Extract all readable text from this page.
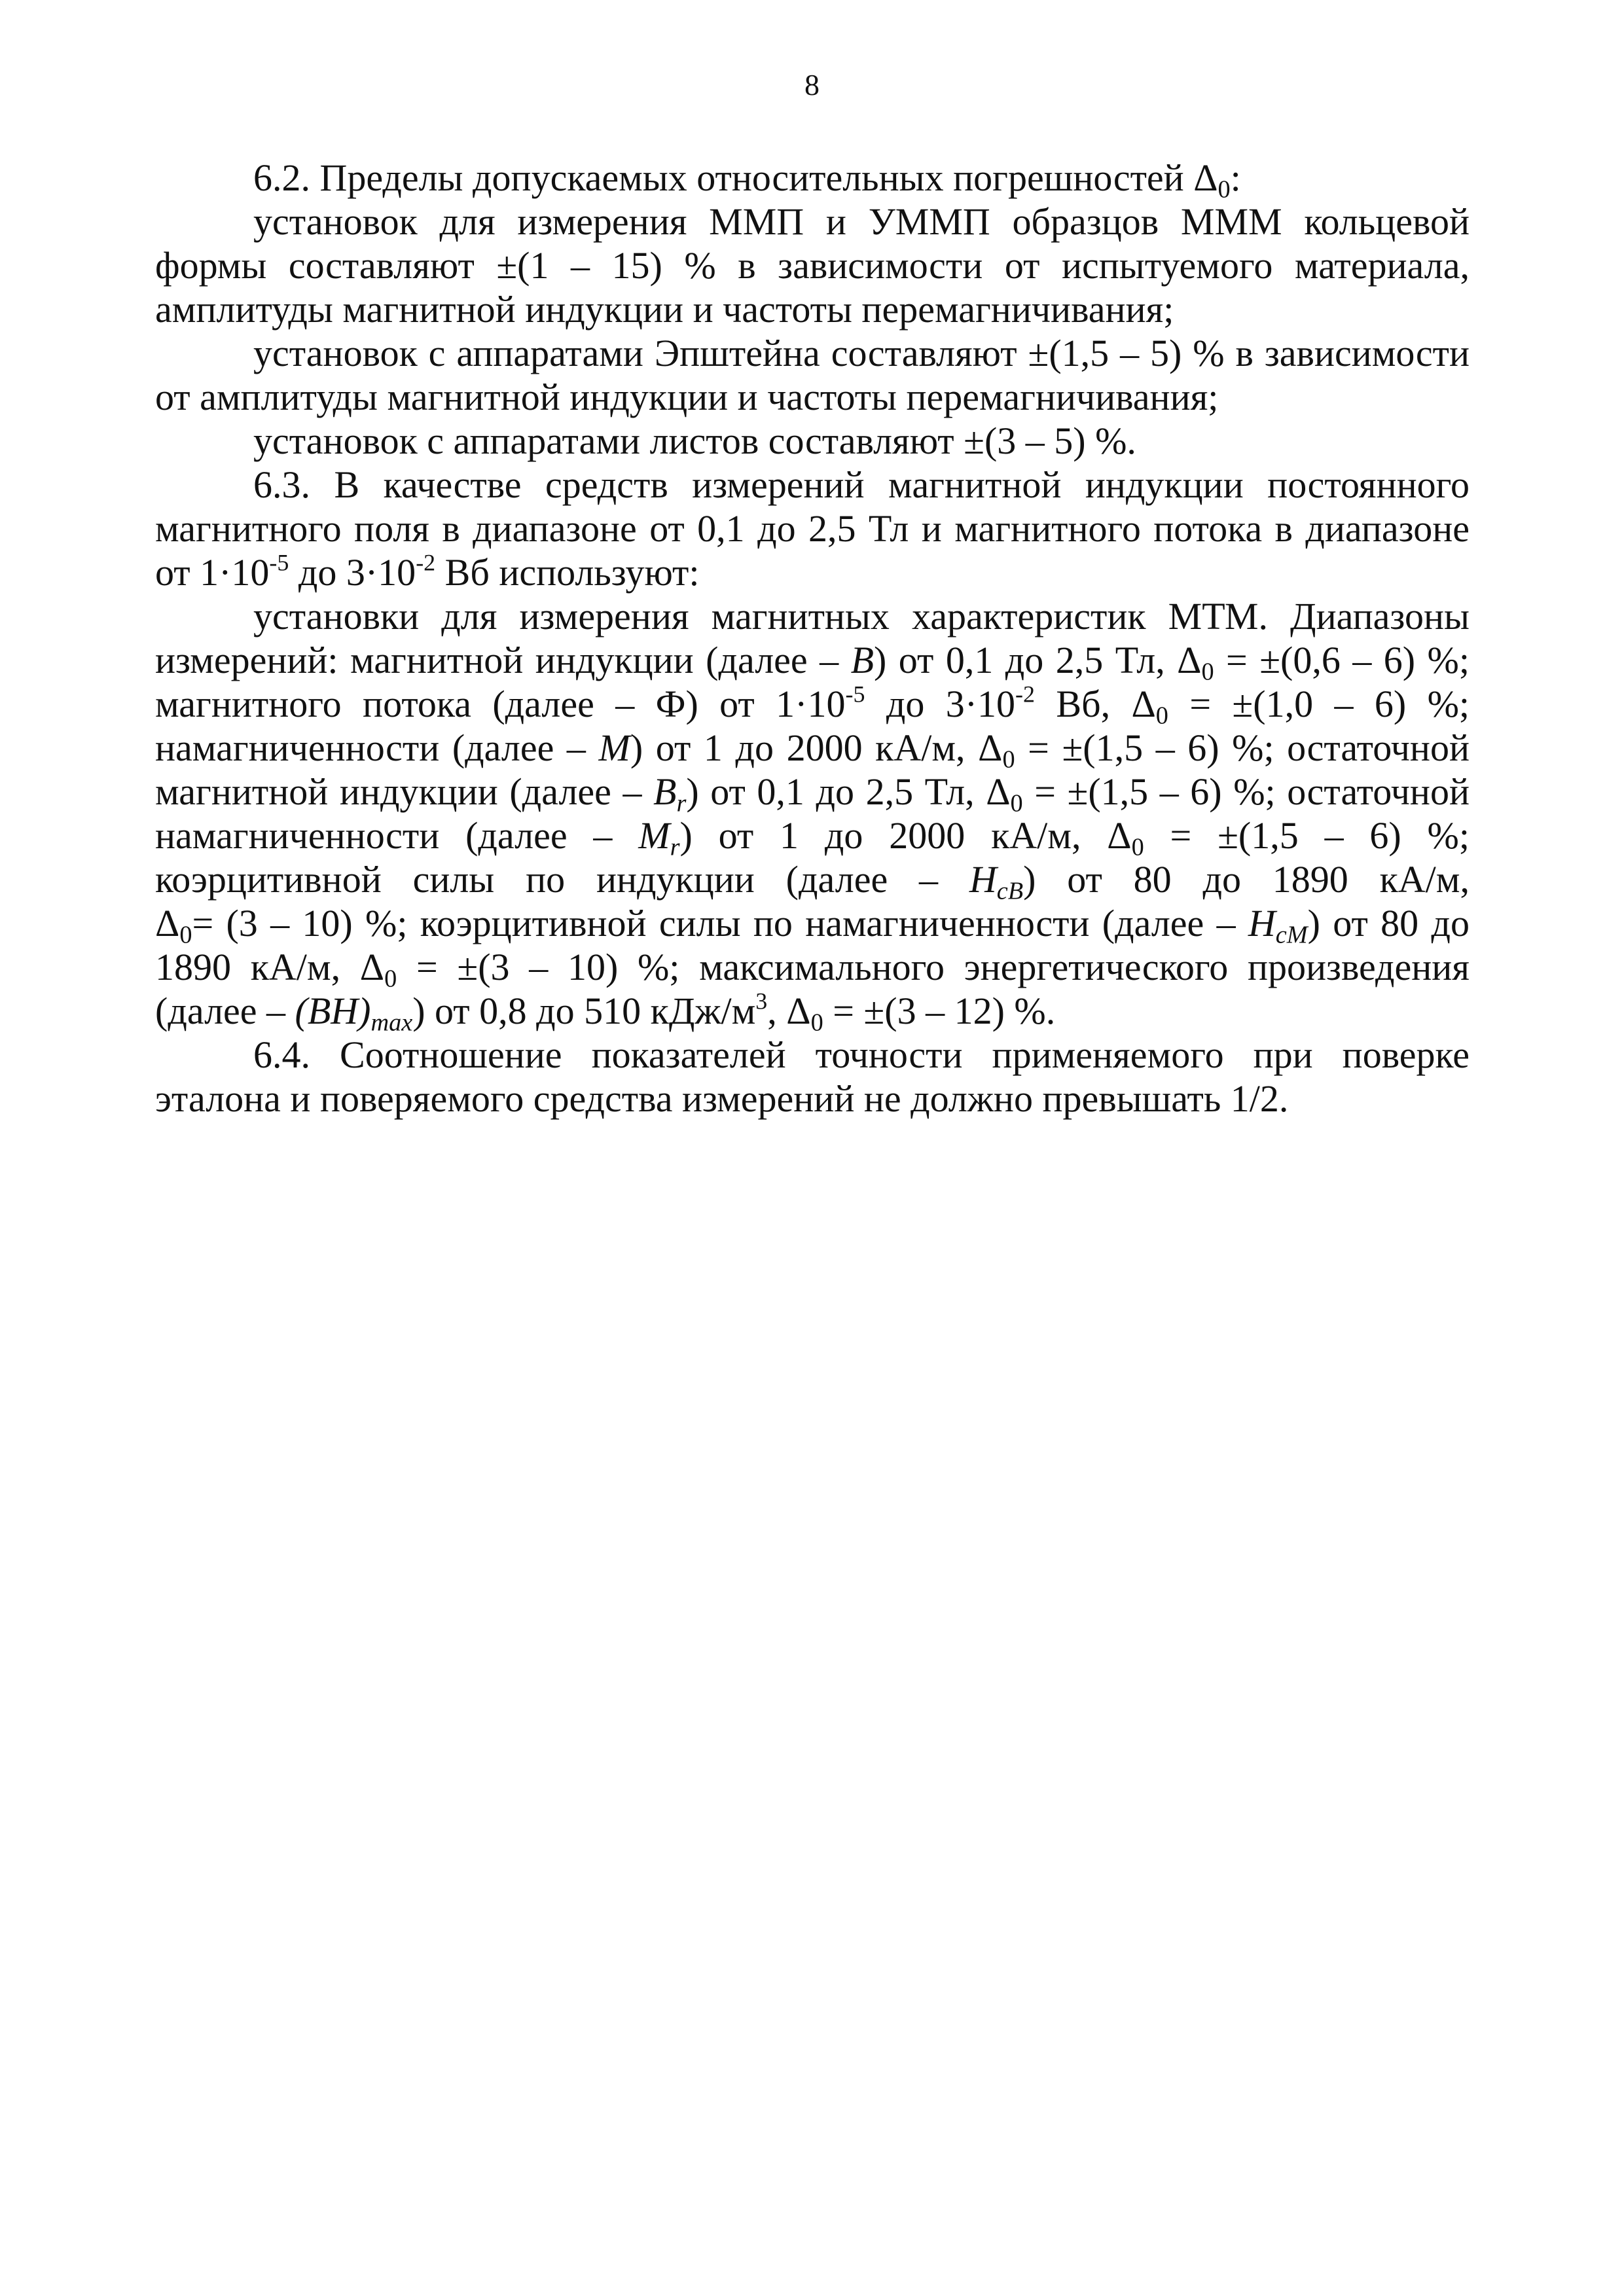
8
6.2. Пределы допускаемых относительных погрешностей $\Delta_0$:
установок для измерения ММП и УММП образцов МММ кольцевой
формы составляют ±(1 – 15) % в зависимости от испытуемого материала,
амплитуды магнитной индукции и частоты перемагничивания;
установок с аппаратами Эпштейна составляют ±(1,5 – 5) % в зависимости
от амплитуды магнитной индукции и частоты перемагничивания;
установок с аппаратами листов составляют ±(3 – 5) %.
6.3. В качестве средств измерений магнитной индукции постоянного
магнитного поля в диапазоне от 0,1 до 2,5 Тл и магнитного потока в диапазоне
от $1\cdot 10^{-5}$ до $3\cdot 10^{-2}$ Вб используют:
установки для измерения магнитных характеристик МТМ. Диапазоны
измерений: магнитной индукции (далее – B) от 0,1 до 2,5 Тл, $\Delta_0 = \pm(0,6 - 6)$ %;
магнитного потока (далее – Ф) от $1\cdot 10^{-5}$ до $3\cdot 10^{-2}$ Вб, $\Delta_0 = \pm(1,0 - 6)$ %;
намагниченности (далее – M) от 1 до 2000 кА/м, $\Delta_0 = \pm(1,5 - 6)$ %; остаточной
магнитной индукции (далее – $B_r$) от 0,1 до 2,5 Тл, $\Delta_0 = \pm(1,5 - 6)$ %; остаточной
намагниченности (далее – $M_r$) от 1 до 2000 кА/м, $\Delta_0 = \pm(1,5 - 6)$ %;
коэрцитивной силы по индукции (далее – $H_{cB}$) от 80 до 1890 кА/м,
$\Delta_0= (3 - 10)$ %; коэрцитивной силы по намагниченности (далее – $H_{cM}$) от 80 до
1890 кА/м, $\Delta_0 = \pm(3 - 10)$ %; максимального энергетического произведения
(далее – $(BH)_{max}$) от 0,8 до 510 кДж/$м^3$, $\Delta_0 = \pm(3 - 12)$ %.
6.4. Соотношение показателей точности применяемого при поверке
эталона и поверяемого средства измерений не должно превышать 1/2.
